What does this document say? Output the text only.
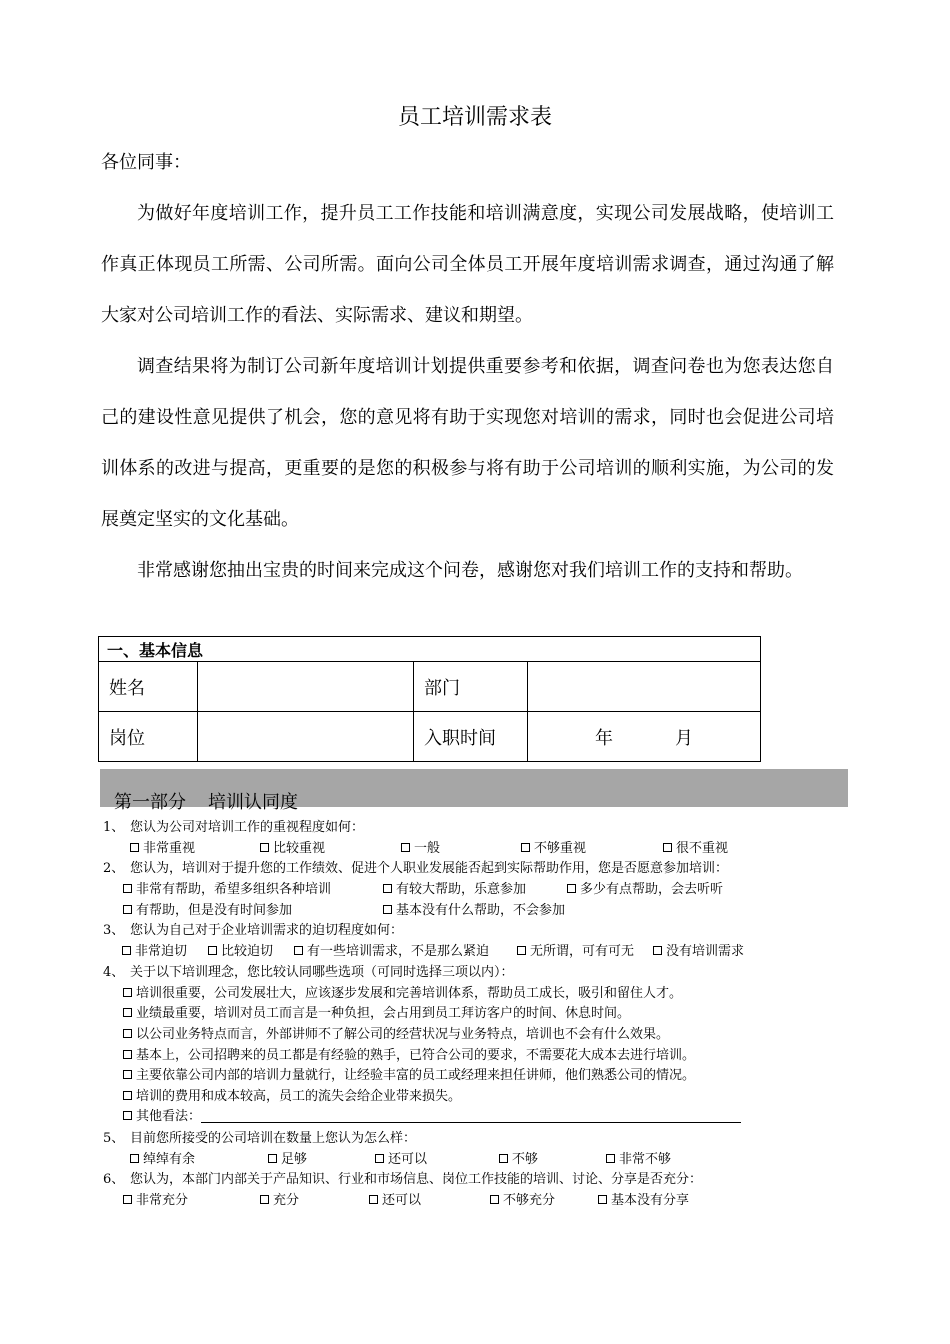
员工培训需求表
各位同事：

为做好年度培训工作，提升员工工作技能和培训满意度，实现公司发展战略，使培训工作真正体现员工所需、公司所需。面向公司全体员工开展年度培训需求调查，通过沟通了解大家对公司培训工作的看法、实际需求、建议和期望。

调查结果将为制订公司新年度培训计划提供重要参考和依据，调查问卷也为您表达您自己的建设性意见提供了机会，您的意见将有助于实现您对培训的需求，同时也会促进公司培训体系的改进与提高，更重要的是您的积极参与将有助于公司培训的顺利实施，为公司的发展奠定坚实的文化基础。

非常感谢您抽出宝贵的时间来完成这个问卷，感谢您对我们培训工作的支持和帮助。

一、基本信息			
姓名		部门	
岗位		入职时间	年 月
第一部分 培训认同度
1、 您认为公司对培训工作的重视程度如何：
非常重视	比较重视	一般	不够重视	很不重视
2、 您认为，培训对于提升您的工作绩效、促进个人职业发展能否起到实际帮助作用，您是否愿意参加培训：
非常有帮助，希望多组织各种培训	有较大帮助，乐意参加	多少有点帮助，会去听听
有帮助，但是没有时间参加	基本没有什么帮助，不会参加
3、 您认为自己对于企业培训需求的迫切程度如何：
非常迫切	比较迫切	有一些培训需求，不是那么紧迫	无所谓，可有可无	没有培训需求
4、 关于以下培训理念，您比较认同哪些选项（可同时选择三项以内）：
培训很重要，公司发展壮大，应该逐步发展和完善培训体系，帮助员工成长，吸引和留住人才。
业绩最重要，培训对员工而言是一种负担，会占用到员工拜访客户的时间、休息时间。
以公司业务特点而言，外部讲师不了解公司的经营状况与业务特点，培训也不会有什么效果。
基本上，公司招聘来的员工都是有经验的熟手，已符合公司的要求，不需要花大成本去进行培训。
主要依靠公司内部的培训力量就行，让经验丰富的员工或经理来担任讲师，他们熟悉公司的情况。
培训的费用和成本较高，员工的流失会给企业带来损失。
其他看法：
5、 目前您所接受的公司培训在数量上您认为怎么样：
绰绰有余	足够	还可以	不够	非常不够
6、 您认为，本部门内部关于产品知识、行业和市场信息、岗位工作技能的培训、讨论、分享是否充分：
非常充分	充分	还可以	不够充分	基本没有分享
